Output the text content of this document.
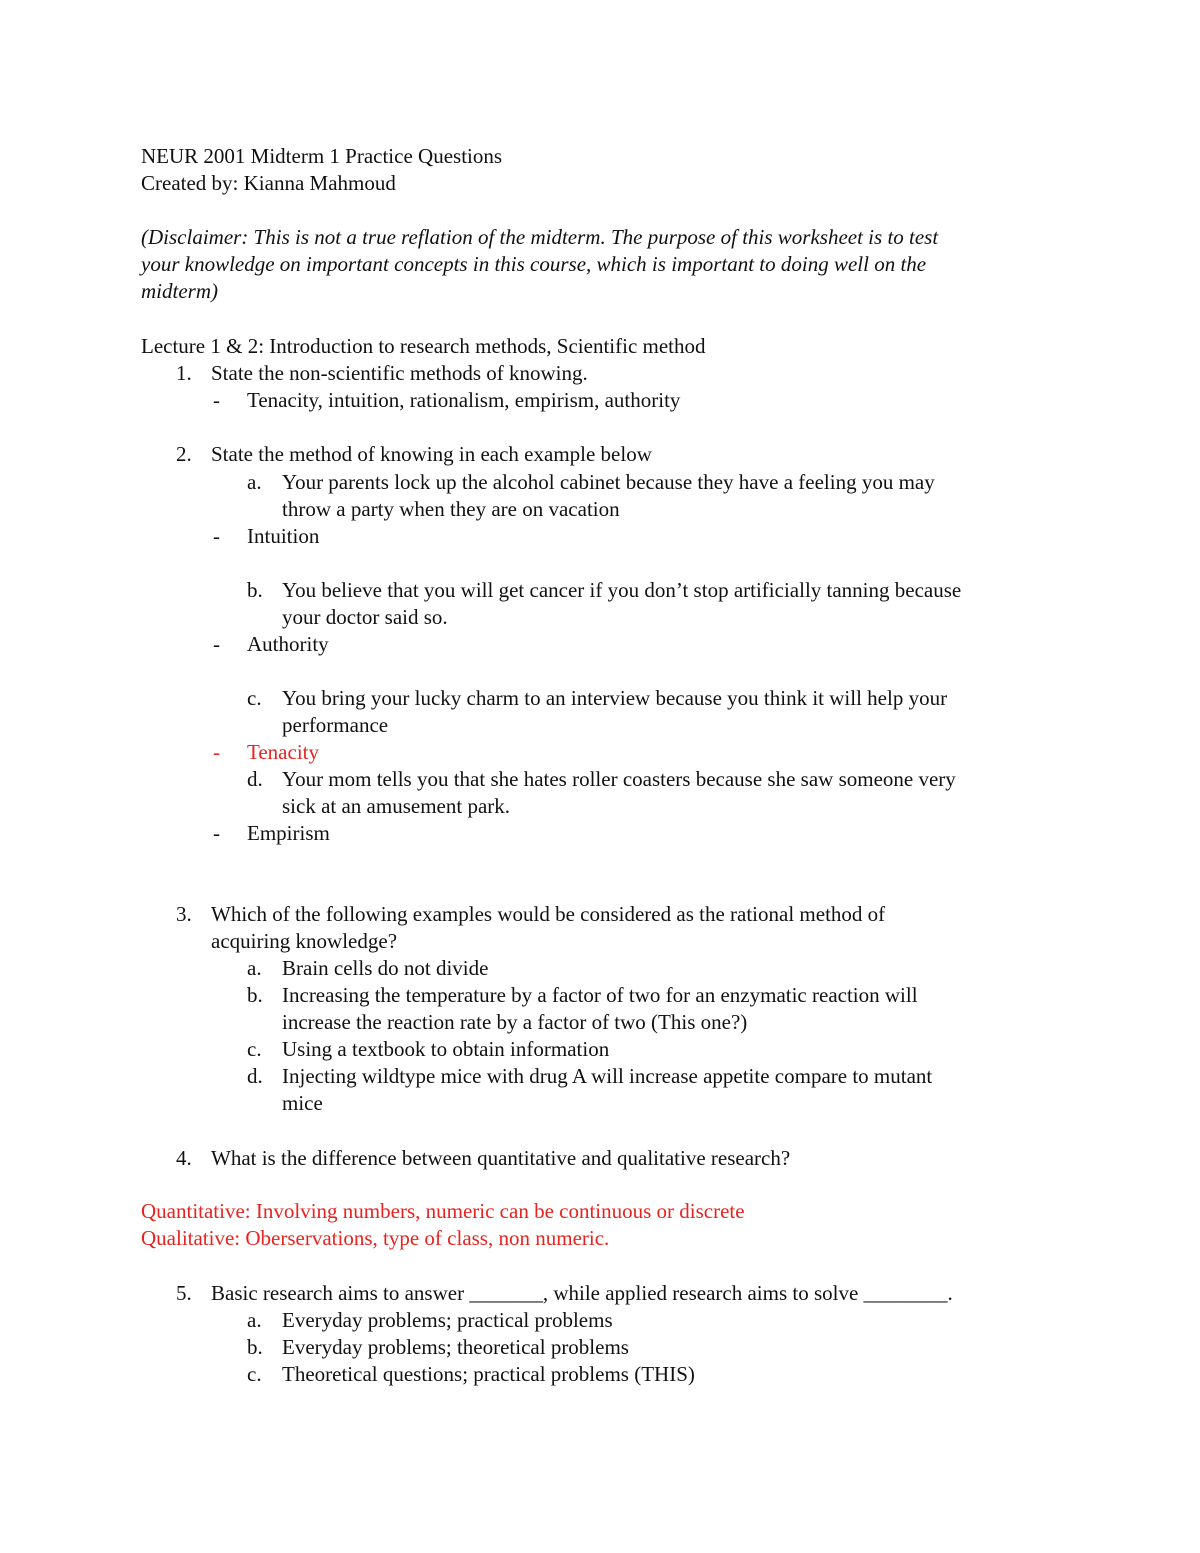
NEUR 2001 Midterm 1 Practice Questions
Created by: Kianna Mahmoud
(Disclaimer: This is not a true reflation of the midterm. The purpose of this worksheet is to test
your knowledge on important concepts in this course, which is important to doing well on the
midterm)
Lecture 1 & 2: Introduction to research methods, Scientific method
1. State the non-scientific methods of knowing.
- Tenacity, intuition, rationalism, empirism, authority
2. State the method of knowing in each example below
a. Your parents lock up the alcohol cabinet because they have a feeling you may
throw a party when they are on vacation
- Intuition
b. You believe that you will get cancer if you don’t stop artificially tanning because
your doctor said so.
- Authority
c. You bring your lucky charm to an interview because you think it will help your
performance
- Tenacity
d. Your mom tells you that she hates roller coasters because she saw someone very
sick at an amusement park.
- Empirism
3. Which of the following examples would be considered as the rational method of
acquiring knowledge?
a. Brain cells do not divide
b. Increasing the temperature by a factor of two for an enzymatic reaction will
increase the reaction rate by a factor of two (This one?)
c. Using a textbook to obtain information
d. Injecting wildtype mice with drug A will increase appetite compare to mutant
mice
4. What is the difference between quantitative and qualitative research?
Quantitative: Involving numbers, numeric can be continuous or discrete
Qualitative: Oberservations, type of class, non numeric.
5. Basic research aims to answer _______, while applied research aims to solve ________.
a. Everyday problems; practical problems
b. Everyday problems; theoretical problems
c. Theoretical questions; practical problems (THIS)
